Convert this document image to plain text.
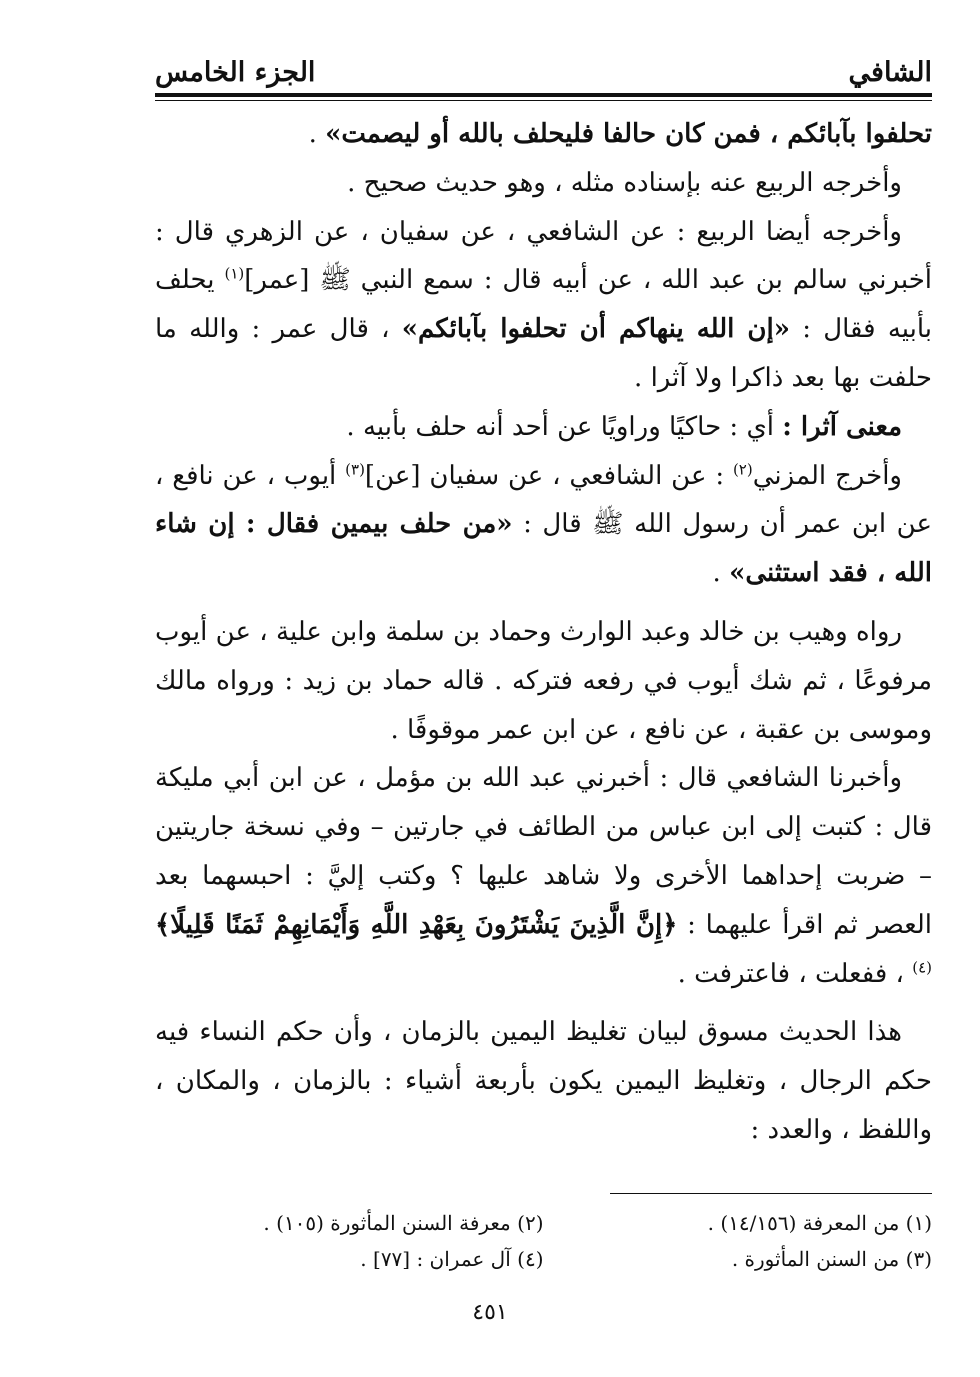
الشافي
الجزء الخامس

تحلفوا بآبائكم ، فمن كان حالفا فليحلف بالله أو ليصمت» .

وأخرجه الربيع عنه بإسناده مثله ، وهو حديث صحيح .

وأخرجه أيضا الربيع : عن الشافعي ، عن سفيان ، عن الزهري قال : أخبرني سالم بن عبد الله ، عن أبيه قال : سمع النبي ﷺ [عمر]$^{(١)}$ يحلف بأبيه فقال : «إن الله ينهاكم أن تحلفوا بآبائكم» ، قال عمر : والله ما حلفت بها بعد ذاكرا ولا آثرا .

معنى آثرا : أي : حاكيًا وراويًا عن أحد أنه حلف بأبيه .

وأخرج المزني$^{(٢)}$ : عن الشافعي ، عن سفيان [عن]$^{(٣)}$ أيوب ، عن نافع ، عن ابن عمر أن رسول الله ﷺ قال : «من حلف بيمين فقال : إن شاء الله ، فقد استثنى» .

رواه وهيب بن خالد وعبد الوارث وحماد بن سلمة وابن علية ، عن أيوب مرفوعًا ، ثم شك أيوب في رفعه فتركه . قاله حماد بن زيد : ورواه مالك وموسى بن عقبة ، عن نافع ، عن ابن عمر موقوفًا .

وأخبرنا الشافعي قال : أخبرني عبد الله بن مؤمل ، عن ابن أبي مليكة قال : كتبت إلى ابن عباس من الطائف في جارتين – وفي نسخة جاريتين – ضربت إحداهما الأخرى ولا شاهد عليها ؟ وكتب إليَّ : احبسهما بعد العصر ثم اقرأ عليهما : ﴿إِنَّ الَّذِينَ يَشْتَرُونَ بِعَهْدِ اللَّهِ وَأَيْمَانِهِمْ ثَمَنًا قَلِيلًا﴾$^{(٤)}$ ، ففعلت ، فاعترفت .

هذا الحديث مسوق لبيان تغليظ اليمين بالزمان ، وأن حكم النساء فيه حكم الرجال ، وتغليظ اليمين يكون بأربعة أشياء : بالزمان ، والمكان ، واللفظ ، والعدد :

(١) من المعرفة (١٤/١٥٦) .
(٢) معرفة السنن المأثورة (١٠٥) .
(٣) من السنن المأثورة .
(٤) آل عمران : [٧٧] .
٤٥١
